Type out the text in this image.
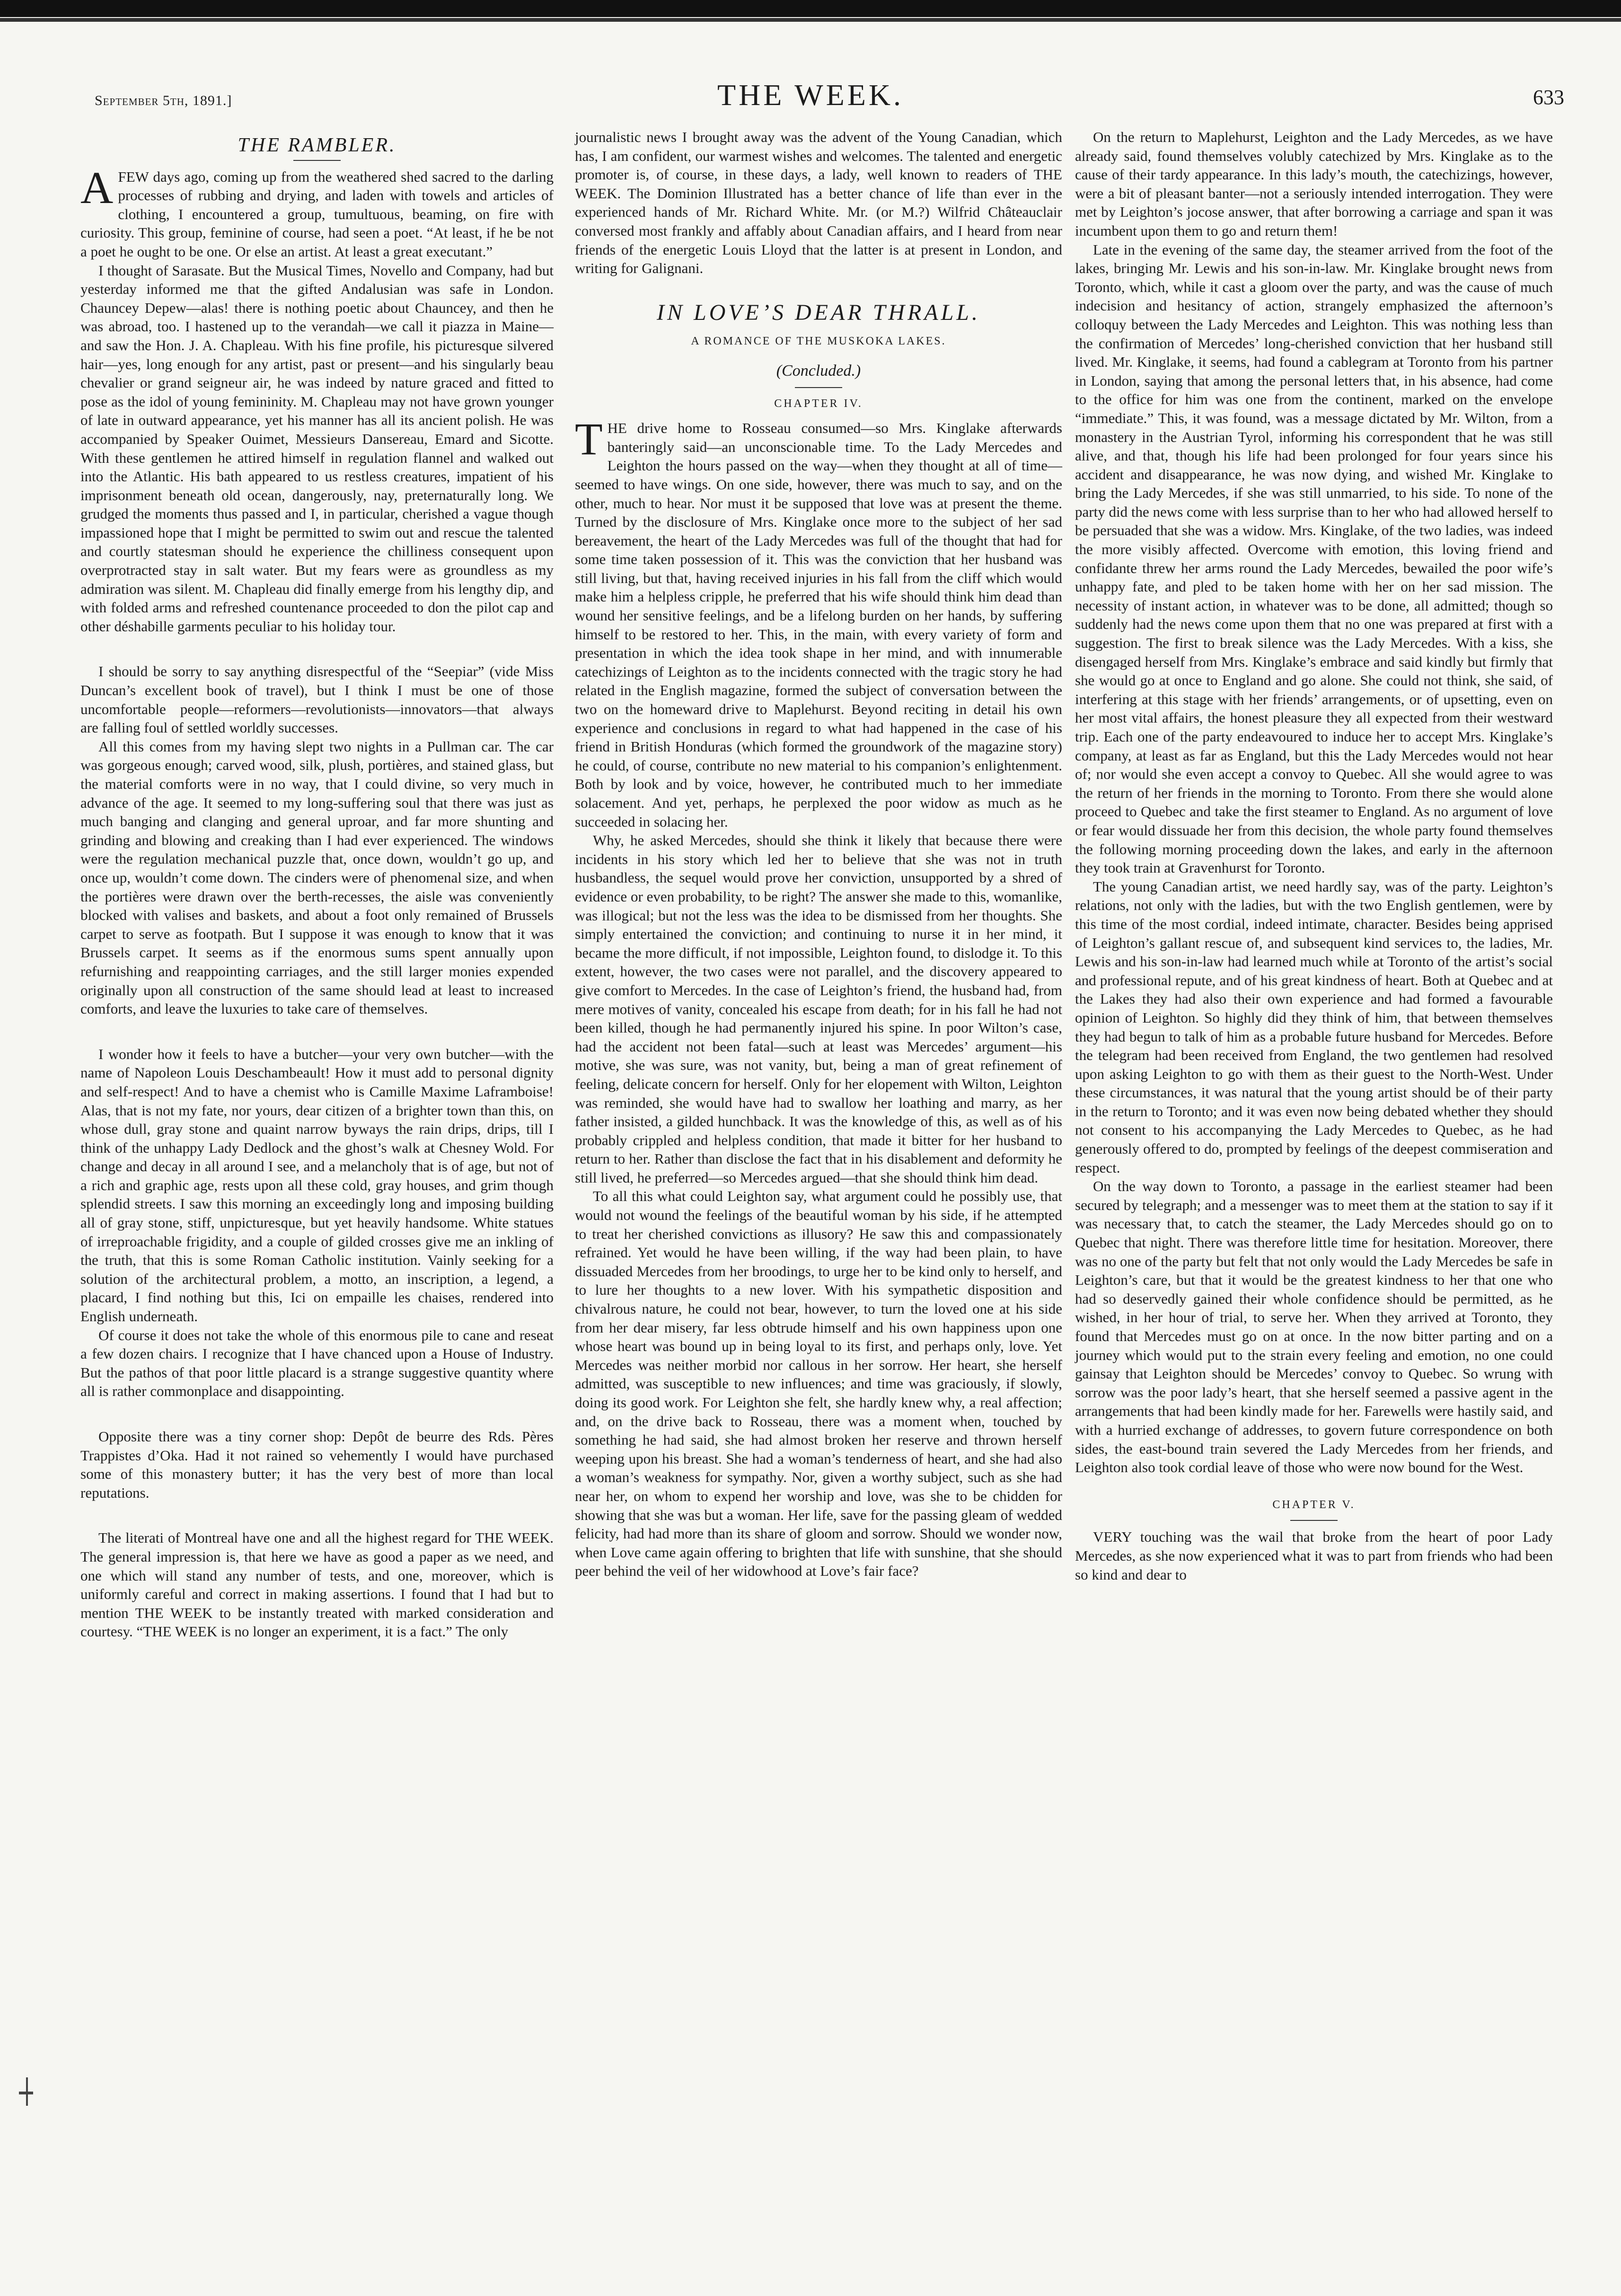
September 5th, 1891.]	THE WEEK.	633
THE RAMBLER.

AFEW days ago, coming up from the weathered shed sacred to the darling processes of rubbing and drying, and laden with towels and articles of clothing, I encountered a group, tumultuous, beaming, on fire with curiosity. This group, feminine of course, had seen a poet. “At least, if he be not a poet he ought to be one. Or else an artist. At least a great executant.”

I thought of Sarasate. But the Musical Times, Novello and Company, had but yesterday informed me that the gifted Andalusian was safe in London. Chauncey Depew—alas! there is nothing poetic about Chauncey, and then he was abroad, too. I hastened up to the verandah—we call it piazza in Maine—and saw the Hon. J. A. Chapleau. With his fine profile, his picturesque silvered hair—yes, long enough for any artist, past or present—and his singularly beau chevalier or grand seigneur air, he was indeed by nature graced and fitted to pose as the idol of young femininity. M. Chapleau may not have grown younger of late in outward appearance, yet his manner has all its ancient polish. He was accompanied by Speaker Ouimet, Messieurs Dansereau, Emard and Sicotte. With these gentlemen he attired himself in regulation flannel and walked out into the Atlantic. His bath appeared to us restless creatures, impatient of his imprisonment beneath old ocean, dangerously, nay, preternaturally long. We grudged the moments thus passed and I, in particular, cherished a vague though impassioned hope that I might be permitted to swim out and rescue the talented and courtly statesman should he experience the chilliness consequent upon overprotracted stay in salt water. But my fears were as groundless as my admiration was silent. M. Chapleau did finally emerge from his lengthy dip, and with folded arms and refreshed countenance proceeded to don the pilot cap and other déshabille garments peculiar to his holiday tour.

I should be sorry to say anything disrespectful of the “Seepiar” (vide Miss Duncan’s excellent book of travel), but I think I must be one of those uncomfortable people—reformers—revolutionists—innovators—that always are falling foul of settled worldly successes.

All this comes from my having slept two nights in a Pullman car. The car was gorgeous enough; carved wood, silk, plush, portières, and stained glass, but the material comforts were in no way, that I could divine, so very much in advance of the age. It seemed to my long-suffering soul that there was just as much banging and clanging and general uproar, and far more shunting and grinding and blowing and creaking than I had ever experienced. The windows were the regulation mechanical puzzle that, once down, wouldn’t go up, and once up, wouldn’t come down. The cinders were of phenomenal size, and when the portières were drawn over the berth-recesses, the aisle was conveniently blocked with valises and baskets, and about a foot only remained of Brussels carpet to serve as footpath. But I suppose it was enough to know that it was Brussels carpet. It seems as if the enormous sums spent annually upon refurnishing and reappointing carriages, and the still larger monies expended originally upon all construction of the same should lead at least to increased comforts, and leave the luxuries to take care of themselves.

I wonder how it feels to have a butcher—your very own butcher—with the name of Napoleon Louis Deschambeault! How it must add to personal dignity and self-respect! And to have a chemist who is Camille Maxime Laframboise! Alas, that is not my fate, nor yours, dear citizen of a brighter town than this, on whose dull, gray stone and quaint narrow byways the rain drips, drips, till I think of the unhappy Lady Dedlock and the ghost’s walk at Chesney Wold. For change and decay in all around I see, and a melancholy that is of age, but not of a rich and graphic age, rests upon all these cold, gray houses, and grim though splendid streets. I saw this morning an exceedingly long and imposing building all of gray stone, stiff, unpicturesque, but yet heavily handsome. White statues of irreproachable frigidity, and a couple of gilded crosses give me an inkling of the truth, that this is some Roman Catholic institution. Vainly seeking for a solution of the architectural problem, a motto, an inscription, a legend, a placard, I find nothing but this, Ici on empaille les chaises, rendered into English underneath.

Of course it does not take the whole of this enormous pile to cane and reseat a few dozen chairs. I recognize that I have chanced upon a House of Industry. But the pathos of that poor little placard is a strange suggestive quantity where all is rather commonplace and disappointing.

Opposite there was a tiny corner shop: Depôt de beurre des Rds. Pères Trappistes d’Oka. Had it not rained so vehemently I would have purchased some of this monastery butter; it has the very best of more than local reputations.

The literati of Montreal have one and all the highest regard for THE WEEK. The general impression is, that here we have as good a paper as we need, and one which will stand any number of tests, and one, moreover, which is uniformly careful and correct in making assertions. I found that I had but to mention THE WEEK to be instantly treated with marked consideration and courtesy. “THE WEEK is no longer an experiment, it is a fact.” The only

journalistic news I brought away was the advent of the Young Canadian, which has, I am confident, our warmest wishes and welcomes. The talented and energetic promoter is, of course, in these days, a lady, well known to readers of THE WEEK. The Dominion Illustrated has a better chance of life than ever in the experienced hands of Mr. Richard White. Mr. (or M.?) Wilfrid Châteauclair conversed most frankly and affably about Canadian affairs, and I heard from near friends of the energetic Louis Lloyd that the latter is at present in London, and writing for Galignani.

IN LOVE’S DEAR THRALL.
A ROMANCE OF THE MUSKOKA LAKES.
(Concluded.)
CHAPTER IV.

THE drive home to Rosseau consumed—so Mrs. Kinglake afterwards banteringly said—an unconscionable time. To the Lady Mercedes and Leighton the hours passed on the way—when they thought at all of time—seemed to have wings. On one side, however, there was much to say, and on the other, much to hear. Nor must it be supposed that love was at present the theme. Turned by the disclosure of Mrs. Kinglake once more to the subject of her sad bereavement, the heart of the Lady Mercedes was full of the thought that had for some time taken possession of it. This was the conviction that her husband was still living, but that, having received injuries in his fall from the cliff which would make him a helpless cripple, he preferred that his wife should think him dead than wound her sensitive feelings, and be a lifelong burden on her hands, by suffering himself to be restored to her. This, in the main, with every variety of form and presentation in which the idea took shape in her mind, and with innumerable catechizings of Leighton as to the incidents connected with the tragic story he had related in the English magazine, formed the subject of conversation between the two on the homeward drive to Maplehurst. Beyond reciting in detail his own experience and conclusions in regard to what had happened in the case of his friend in British Honduras (which formed the groundwork of the magazine story) he could, of course, contribute no new material to his companion’s enlightenment. Both by look and by voice, however, he contributed much to her immediate solacement. And yet, perhaps, he perplexed the poor widow as much as he succeeded in solacing her.

Why, he asked Mercedes, should she think it likely that because there were incidents in his story which led her to believe that she was not in truth husbandless, the sequel would prove her conviction, unsupported by a shred of evidence or even probability, to be right? The answer she made to this, womanlike, was illogical; but not the less was the idea to be dismissed from her thoughts. She simply entertained the conviction; and continuing to nurse it in her mind, it became the more difficult, if not impossible, Leighton found, to dislodge it. To this extent, however, the two cases were not parallel, and the discovery appeared to give comfort to Mercedes. In the case of Leighton’s friend, the husband had, from mere motives of vanity, concealed his escape from death; for in his fall he had not been killed, though he had permanently injured his spine. In poor Wilton’s case, had the accident not been fatal—such at least was Mercedes’ argument—his motive, she was sure, was not vanity, but, being a man of great refinement of feeling, delicate concern for herself. Only for her elopement with Wilton, Leighton was reminded, she would have had to swallow her loathing and marry, as her father insisted, a gilded hunchback. It was the knowledge of this, as well as of his probably crippled and helpless condition, that made it bitter for her husband to return to her. Rather than disclose the fact that in his disablement and deformity he still lived, he preferred—so Mercedes argued—that she should think him dead.

To all this what could Leighton say, what argument could he possibly use, that would not wound the feelings of the beautiful woman by his side, if he attempted to treat her cherished convictions as illusory? He saw this and compassionately refrained. Yet would he have been willing, if the way had been plain, to have dissuaded Mercedes from her broodings, to urge her to be kind only to herself, and to lure her thoughts to a new lover. With his sympathetic disposition and chivalrous nature, he could not bear, however, to turn the loved one at his side from her dear misery, far less obtrude himself and his own happiness upon one whose heart was bound up in being loyal to its first, and perhaps only, love. Yet Mercedes was neither morbid nor callous in her sorrow. Her heart, she herself admitted, was susceptible to new influences; and time was graciously, if slowly, doing its good work. For Leighton she felt, she hardly knew why, a real affection; and, on the drive back to Rosseau, there was a moment when, touched by something he had said, she had almost broken her reserve and thrown herself weeping upon his breast. She had a woman’s tenderness of heart, and she had also a woman’s weakness for sympathy. Nor, given a worthy subject, such as she had near her, on whom to expend her worship and love, was she to be chidden for showing that she was but a woman. Her life, save for the passing gleam of wedded felicity, had had more than its share of gloom and sorrow. Should we wonder now, when Love came again offering to brighten that life with sunshine, that she should peer behind the veil of her widowhood at Love’s fair face?

On the return to Maplehurst, Leighton and the Lady Mercedes, as we have already said, found themselves volubly catechized by Mrs. Kinglake as to the cause of their tardy appearance. In this lady’s mouth, the catechizings, however, were a bit of pleasant banter—not a seriously intended interrogation. They were met by Leighton’s jocose answer, that after borrowing a carriage and span it was incumbent upon them to go and return them!

Late in the evening of the same day, the steamer arrived from the foot of the lakes, bringing Mr. Lewis and his son-in-law. Mr. Kinglake brought news from Toronto, which, while it cast a gloom over the party, and was the cause of much indecision and hesitancy of action, strangely emphasized the afternoon’s colloquy between the Lady Mercedes and Leighton. This was nothing less than the confirmation of Mercedes’ long-cherished conviction that her husband still lived. Mr. Kinglake, it seems, had found a cablegram at Toronto from his partner in London, saying that among the personal letters that, in his absence, had come to the office for him was one from the continent, marked on the envelope “immediate.” This, it was found, was a message dictated by Mr. Wilton, from a monastery in the Austrian Tyrol, informing his correspondent that he was still alive, and that, though his life had been prolonged for four years since his accident and disappearance, he was now dying, and wished Mr. Kinglake to bring the Lady Mercedes, if she was still unmarried, to his side. To none of the party did the news come with less surprise than to her who had allowed herself to be persuaded that she was a widow. Mrs. Kinglake, of the two ladies, was indeed the more visibly affected. Overcome with emotion, this loving friend and confidante threw her arms round the Lady Mercedes, bewailed the poor wife’s unhappy fate, and pled to be taken home with her on her sad mission. The necessity of instant action, in whatever was to be done, all admitted; though so suddenly had the news come upon them that no one was prepared at first with a suggestion. The first to break silence was the Lady Mercedes. With a kiss, she disengaged herself from Mrs. Kinglake’s embrace and said kindly but firmly that she would go at once to England and go alone. She could not think, she said, of interfering at this stage with her friends’ arrangements, or of upsetting, even on her most vital affairs, the honest pleasure they all expected from their westward trip. Each one of the party endeavoured to induce her to accept Mrs. Kinglake’s company, at least as far as England, but this the Lady Mercedes would not hear of; nor would she even accept a convoy to Quebec. All she would agree to was the return of her friends in the morning to Toronto. From there she would alone proceed to Quebec and take the first steamer to England. As no argument of love or fear would dissuade her from this decision, the whole party found themselves the following morning proceeding down the lakes, and early in the afternoon they took train at Gravenhurst for Toronto.

The young Canadian artist, we need hardly say, was of the party. Leighton’s relations, not only with the ladies, but with the two English gentlemen, were by this time of the most cordial, indeed intimate, character. Besides being apprised of Leighton’s gallant rescue of, and subsequent kind services to, the ladies, Mr. Lewis and his son-in-law had learned much while at Toronto of the artist’s social and professional repute, and of his great kindness of heart. Both at Quebec and at the Lakes they had also their own experience and had formed a favourable opinion of Leighton. So highly did they think of him, that between themselves they had begun to talk of him as a probable future husband for Mercedes. Before the telegram had been received from England, the two gentlemen had resolved upon asking Leighton to go with them as their guest to the North-West. Under these circumstances, it was natural that the young artist should be of their party in the return to Toronto; and it was even now being debated whether they should not consent to his accompanying the Lady Mercedes to Quebec, as he had generously offered to do, prompted by feelings of the deepest commiseration and respect.

On the way down to Toronto, a passage in the earliest steamer had been secured by telegraph; and a messenger was to meet them at the station to say if it was necessary that, to catch the steamer, the Lady Mercedes should go on to Quebec that night. There was therefore little time for hesitation. Moreover, there was no one of the party but felt that not only would the Lady Mercedes be safe in Leighton’s care, but that it would be the greatest kindness to her that one who had so deservedly gained their whole confidence should be permitted, as he wished, in her hour of trial, to serve her. When they arrived at Toronto, they found that Mercedes must go on at once. In the now bitter parting and on a journey which would put to the strain every feeling and emotion, no one could gainsay that Leighton should be Mercedes’ convoy to Quebec. So wrung with sorrow was the poor lady’s heart, that she herself seemed a passive agent in the arrangements that had been kindly made for her. Farewells were hastily said, and with a hurried exchange of addresses, to govern future correspondence on both sides, the east-bound train severed the Lady Mercedes from her friends, and Leighton also took cordial leave of those who were now bound for the West.

CHAPTER V.

VERY touching was the wail that broke from the heart of poor Lady Mercedes, as she now experienced what it was to part from friends who had been so kind and dear to
